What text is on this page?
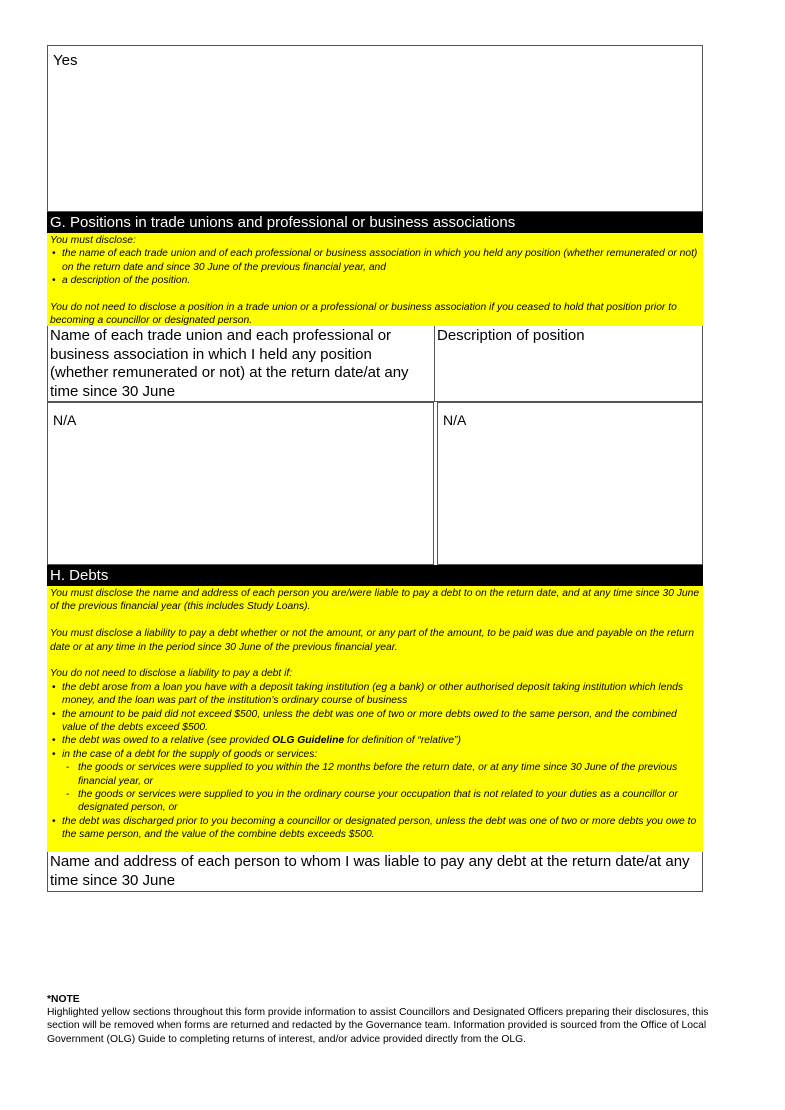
Yes
G. Positions in trade unions and professional or business associations

You must disclose:

• the name of each trade union and of each professional or business association in which you held any position (whether remunerated or not) on the return date and since 30 June of the previous financial year, and
• a description of the position.

You do not need to disclose a position in a trade union or a professional or business association if you ceased to hold that position prior to becoming a councillor or designated person.

Name of each trade union and each professional or business association in which I held any position (whether remunerated or not) at the return date/at any time since 30 June
Description of position
N/A	N/A
H. Debts

You must disclose the name and address of each person you are/were liable to pay a debt to on the return date, and at any time since 30 June of the previous financial year (this includes Study Loans).

You must disclose a liability to pay a debt whether or not the amount, or any part of the amount, to be paid was due and payable on the return date or at any time in the period since 30 June of the previous financial year.

You do not need to disclose a liability to pay a debt if:

• the debt arose from a loan you have with a deposit taking institution (eg a bank) or other authorised deposit taking institution which lends money, and the loan was part of the institution’s ordinary course of business
• the amount to be paid did not exceed $500, unless the debt was one of two or more debts owed to the same person, and the combined value of the debts exceed $500.
• the debt was owed to a relative (see provided OLG Guideline for definition of “relative”)
• in the case of a debt for the supply of goods or services:
- the goods or services were supplied to you within the 12 months before the return date, or at any time since 30 June of the previous financial year, or
- the goods or services were supplied to you in the ordinary course your occupation that is not related to your duties as a councillor or designated person, or
• the debt was discharged prior to you becoming a councillor or designated person, unless the debt was one of two or more debts you owe to the same person, and the value of the combine debts exceeds $500.
Name and address of each person to whom I was liable to pay any debt at the return date/at any time since 30 June

*NOTE

Highlighted yellow sections throughout this form provide information to assist Councillors and Designated Officers preparing their disclosures, this section will be removed when forms are returned and redacted by the Governance team. Information provided is sourced from the Office of Local Government (OLG) Guide to completing returns of interest, and/or advice provided directly from the OLG.
